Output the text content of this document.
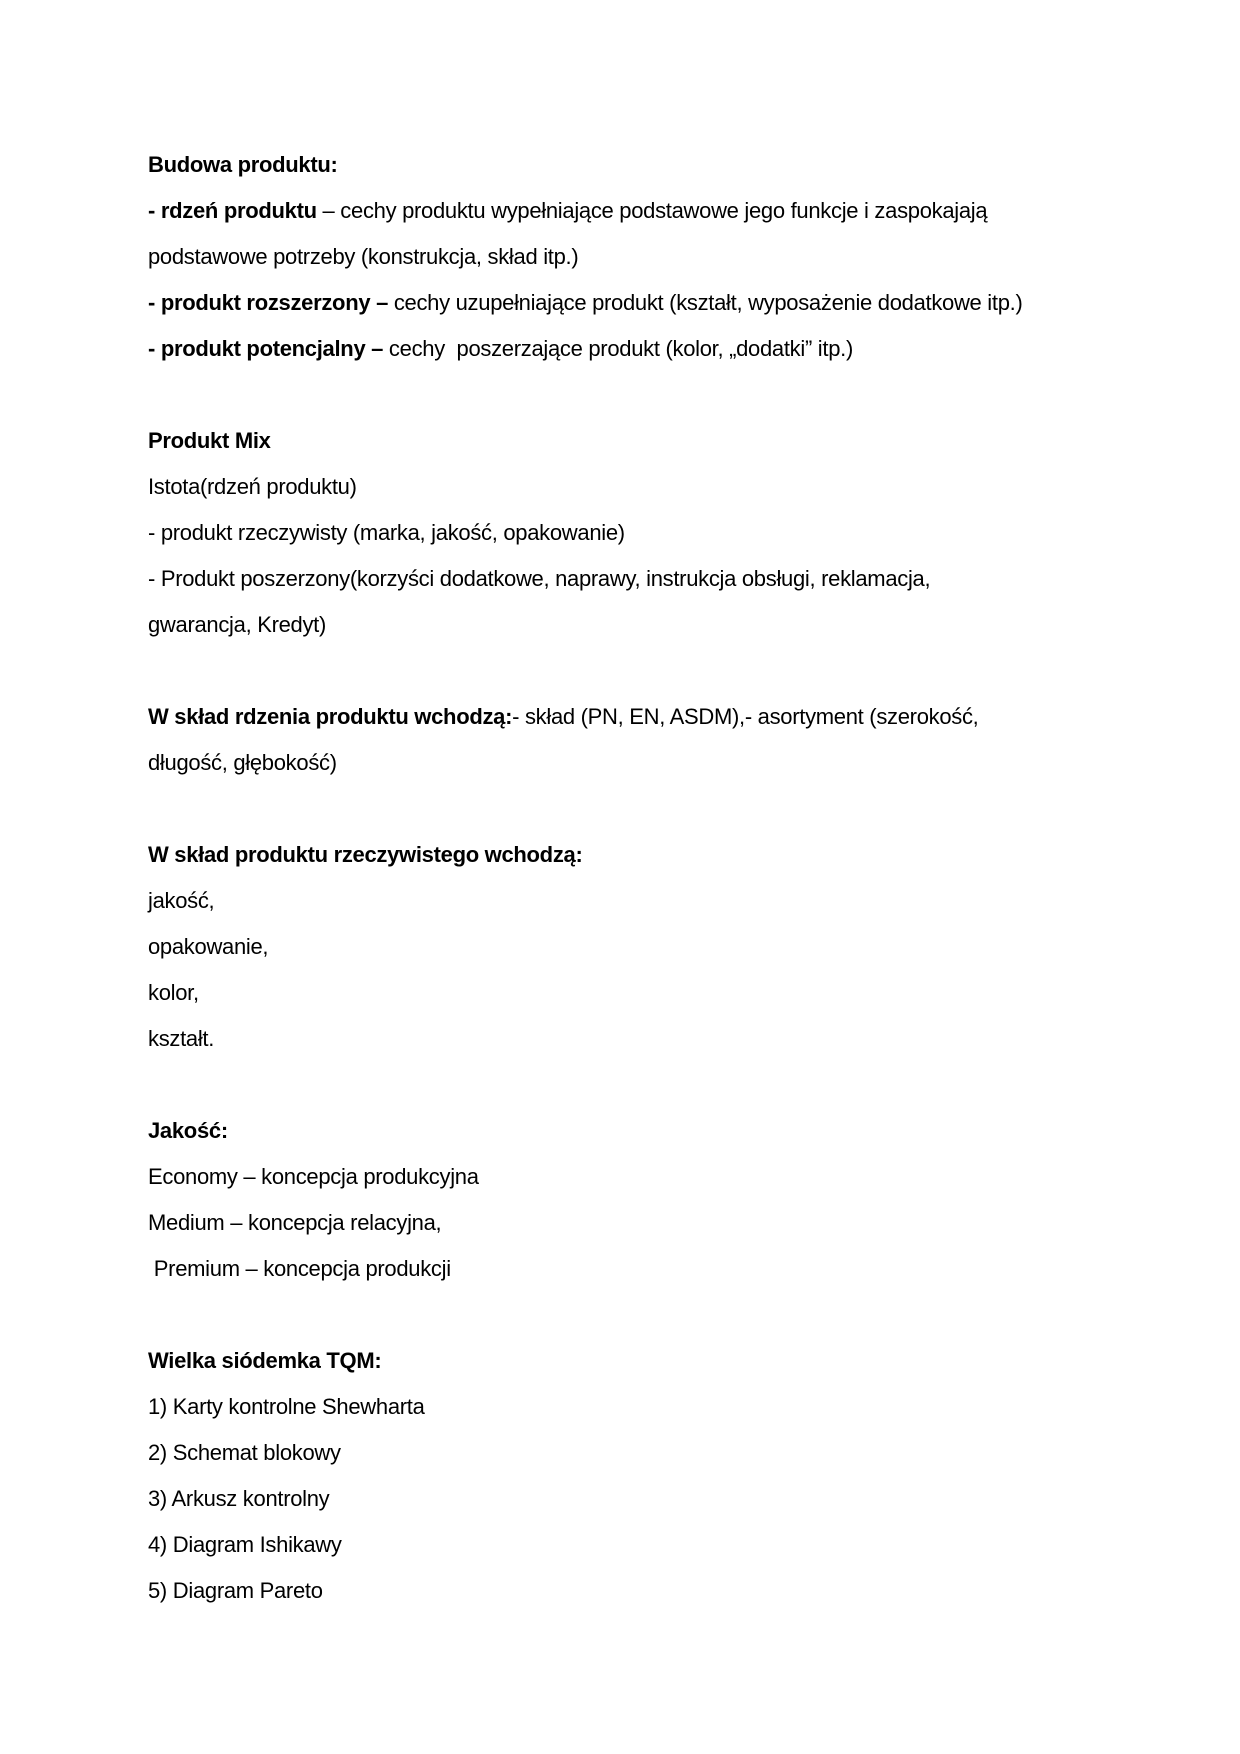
Budowa produktu:
- rdzeń produktu – cechy produktu wypełniające podstawowe jego funkcje i zaspokajają
podstawowe potrzeby (konstrukcja, skład itp.)
- produkt rozszerzony – cechy uzupełniające produkt (kształt, wyposażenie dodatkowe itp.)
- produkt potencjalny – cechy  poszerzające produkt (kolor, „dodatki” itp.)
Produkt Mix
Istota(rdzeń produktu)
- produkt rzeczywisty (marka, jakość, opakowanie)
- Produkt poszerzony(korzyści dodatkowe, naprawy, instrukcja obsługi, reklamacja,
gwarancja, Kredyt)
W skład rdzenia produktu wchodzą:- skład (PN, EN, ASDM),- asortyment (szerokość,
długość, głębokość)
W skład produktu rzeczywistego wchodzą:
jakość,
opakowanie,
kolor,
kształt.
Jakość:
Economy – koncepcja produkcyjna
Medium – koncepcja relacyjna,
Premium – koncepcja produkcji
Wielka siódemka TQM:
1) Karty kontrolne Shewharta
2) Schemat blokowy
3) Arkusz kontrolny
4) Diagram Ishikawy
5) Diagram Pareto
